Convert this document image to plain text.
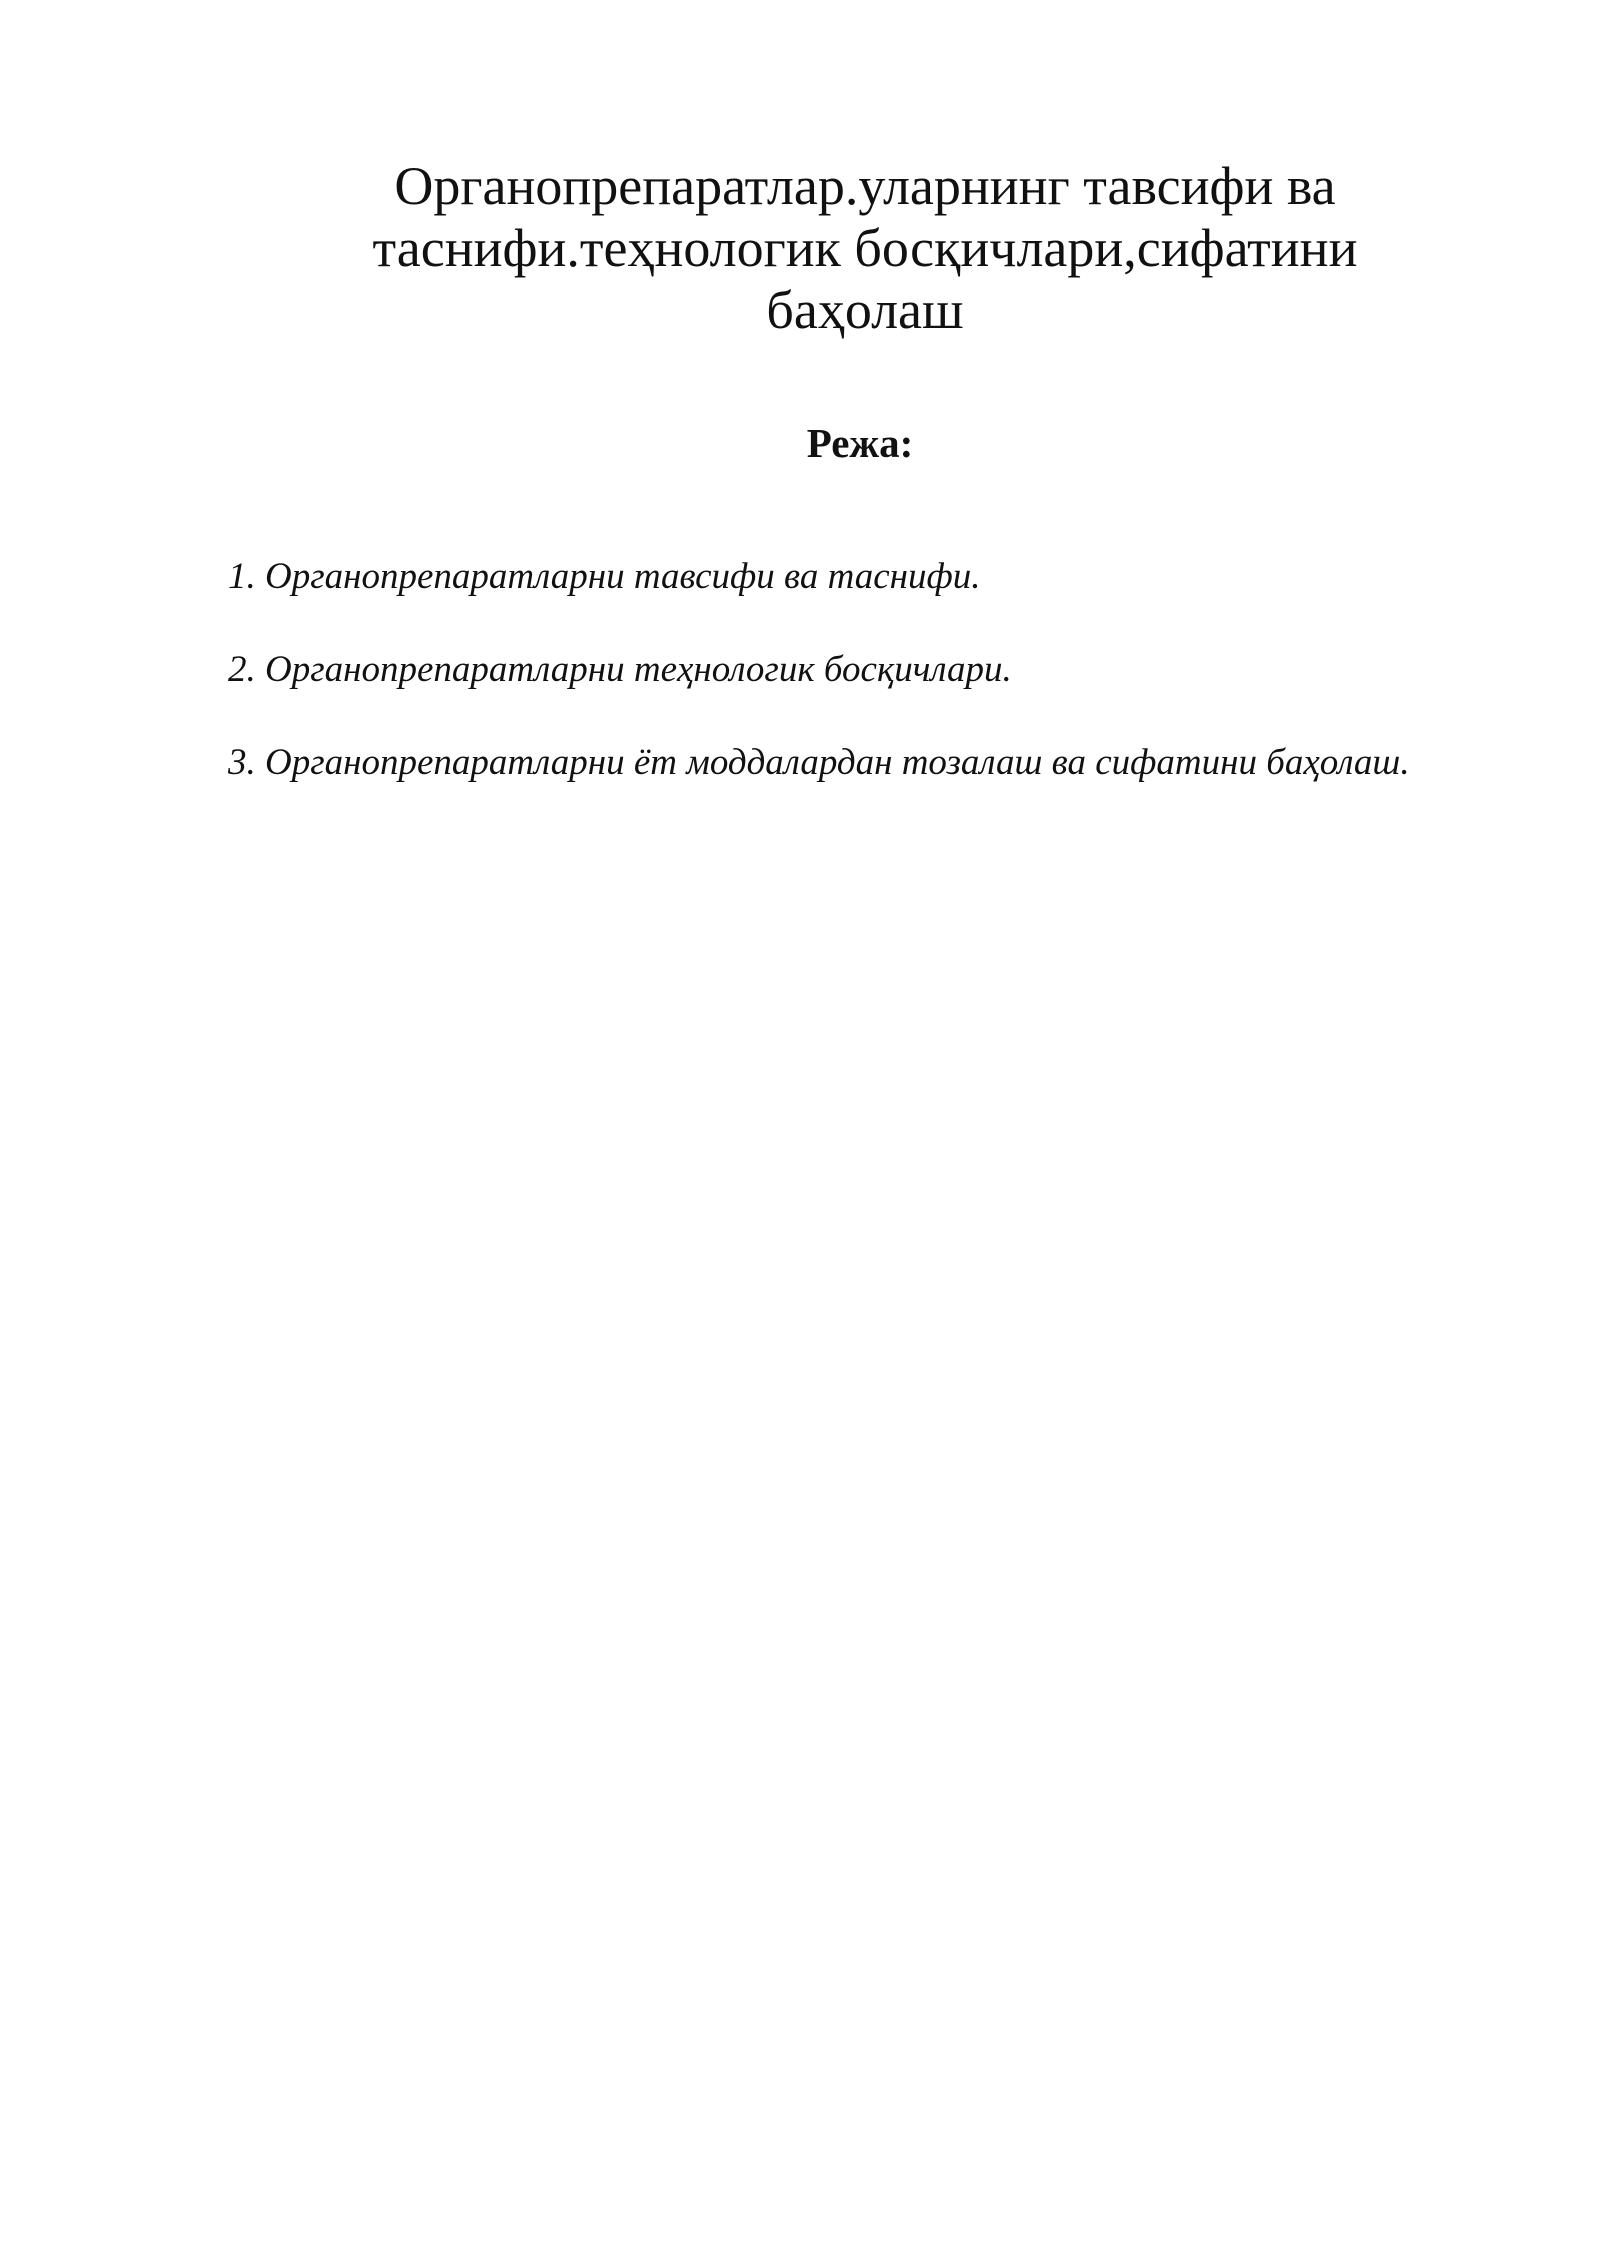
Органопрепаратлар.уларнинг тавсифи ва таснифи.теҳнологик босқичлари,сифатини баҳолаш
Режа:
1. Органопрепаратларни тавсифи ва таснифи.
2. Органопрепаратларни теҳнологик босқичлари.
3. Органопрепаратларни ёт моддалардан тозалаш ва сифатини баҳолаш.
